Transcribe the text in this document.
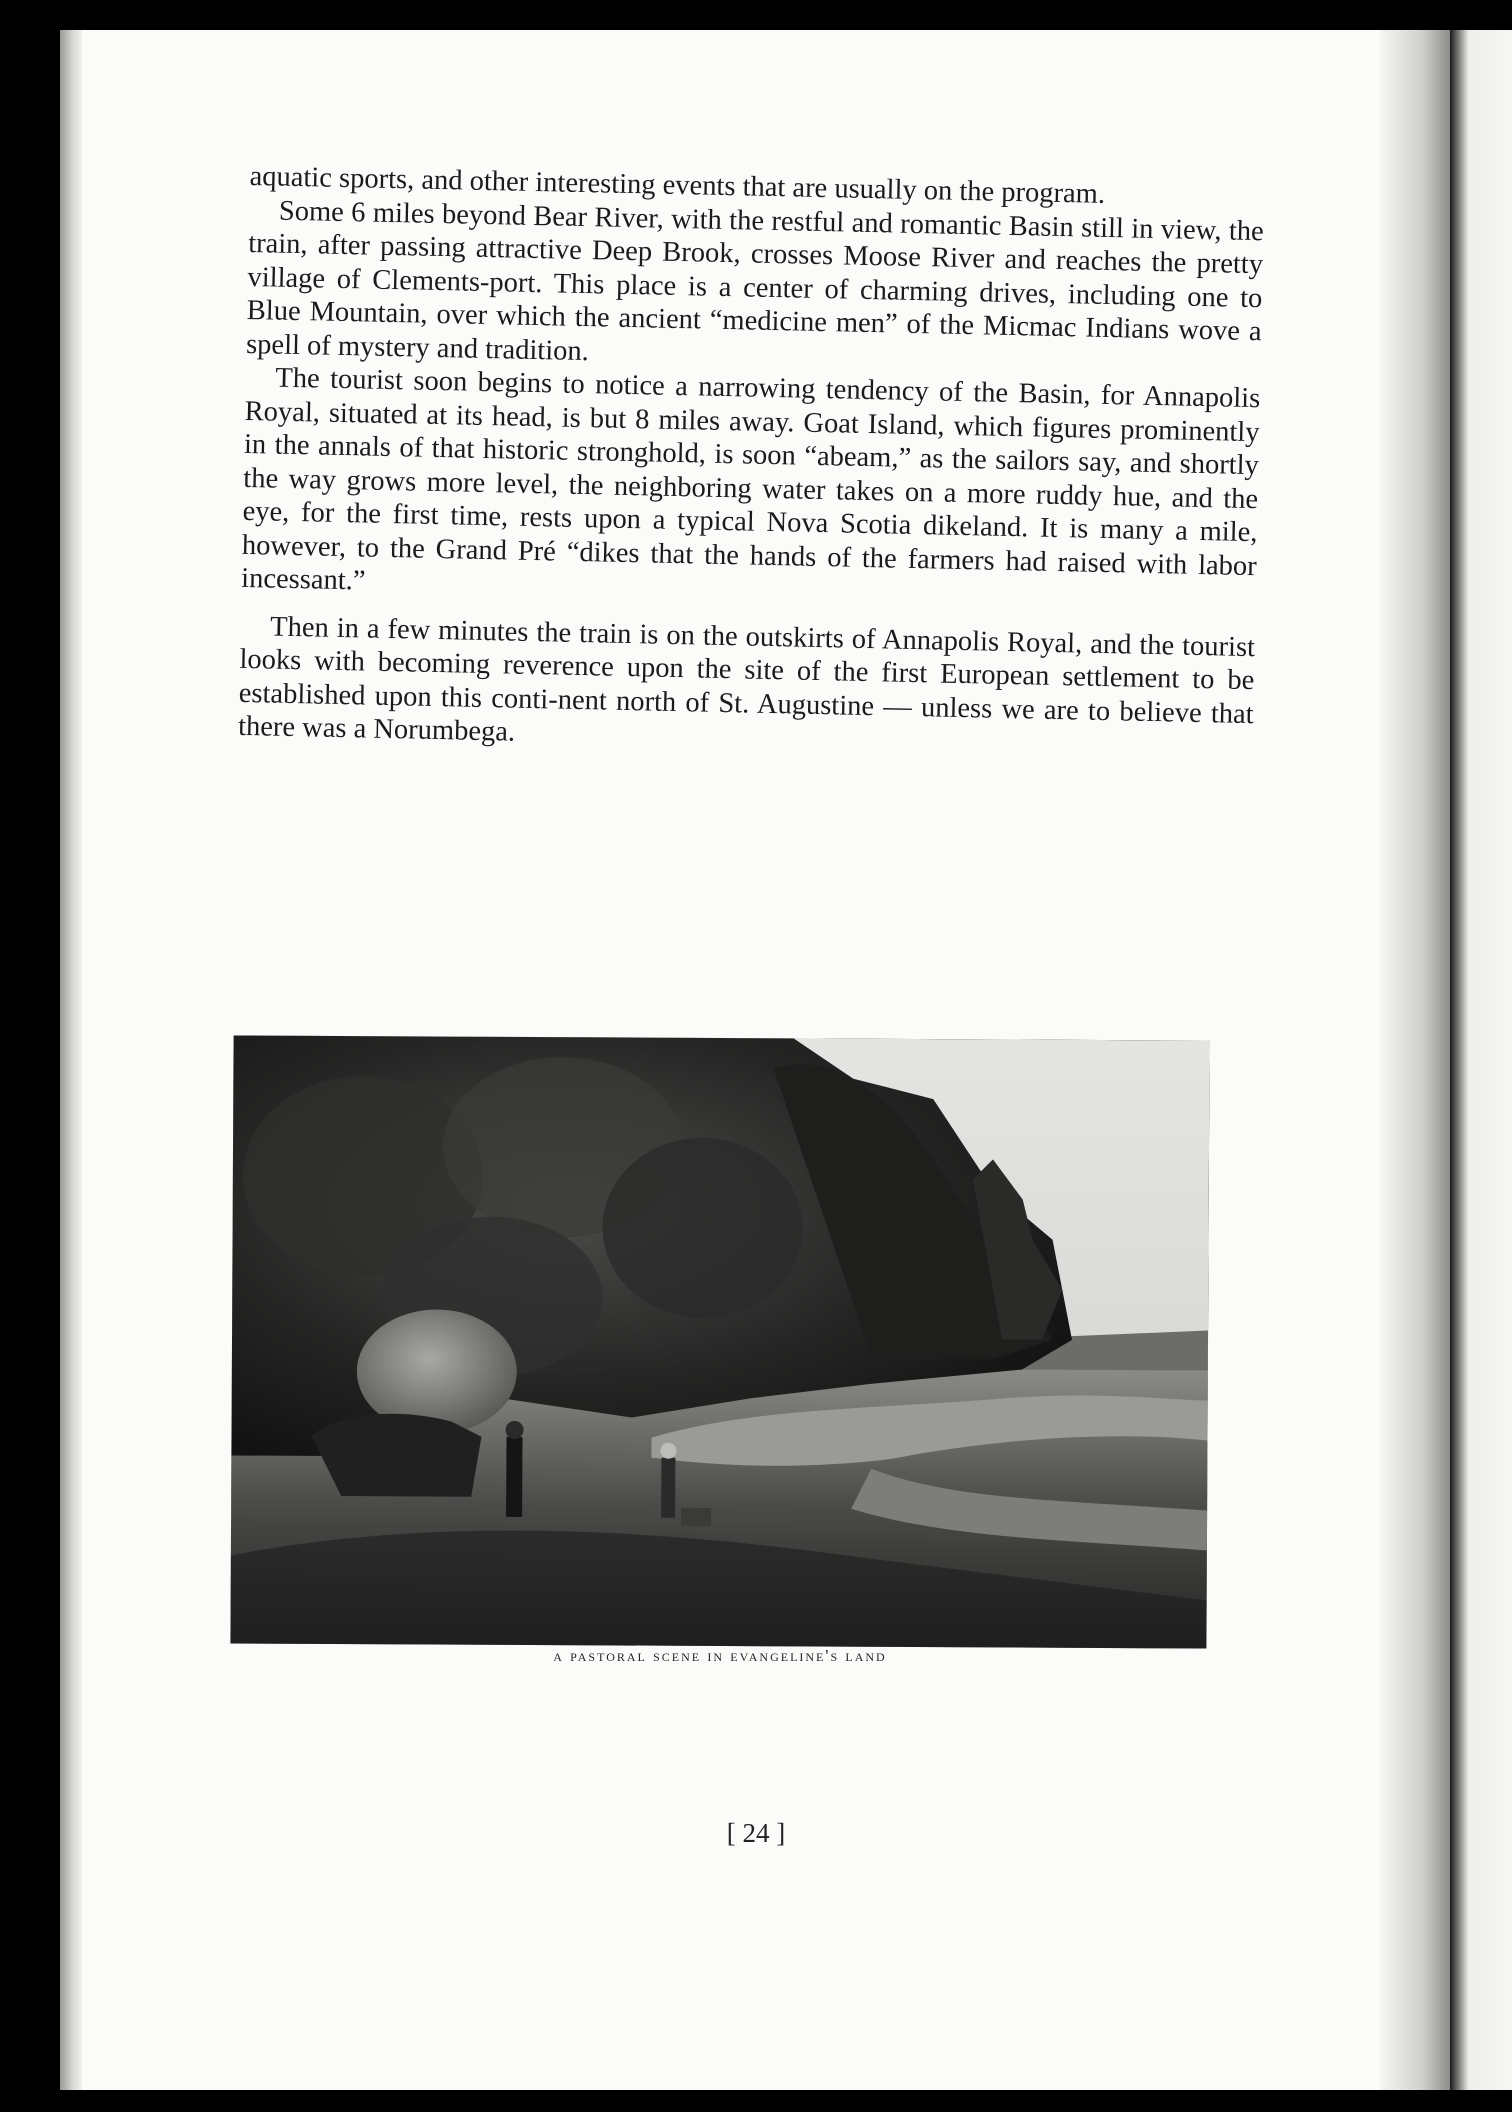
aquatic sports, and other interesting events that are usually on the program.

Some 6 miles beyond Bear River, with the restful and romantic Basin still in view, the train, after passing attractive Deep Brook, crosses Moose River and reaches the pretty village of Clements-port. This place is a center of charming drives, including one to Blue Mountain, over which the ancient “medicine men” of the Micmac Indians wove a spell of mystery and tradition.

The tourist soon begins to notice a narrowing tendency of the Basin, for Annapolis Royal, situated at its head, is but 8 miles away. Goat Island, which figures prominently in the annals of that historic stronghold, is soon “abeam,” as the sailors say, and shortly the way grows more level, the neighboring water takes on a more ruddy hue, and the eye, for the first time, rests upon a typical Nova Scotia dikeland. It is many a mile, however, to the Grand Pré “dikes that the hands of the farmers had raised with labor incessant.”

Then in a few minutes the train is on the outskirts of Annapolis Royal, and the tourist looks with becoming reverence upon the site of the first European settlement to be established upon this conti-nent north of St. Augustine — unless we are to believe that there was a Norumbega.

a pastoral scene in evangeline's land
[ 24 ]
